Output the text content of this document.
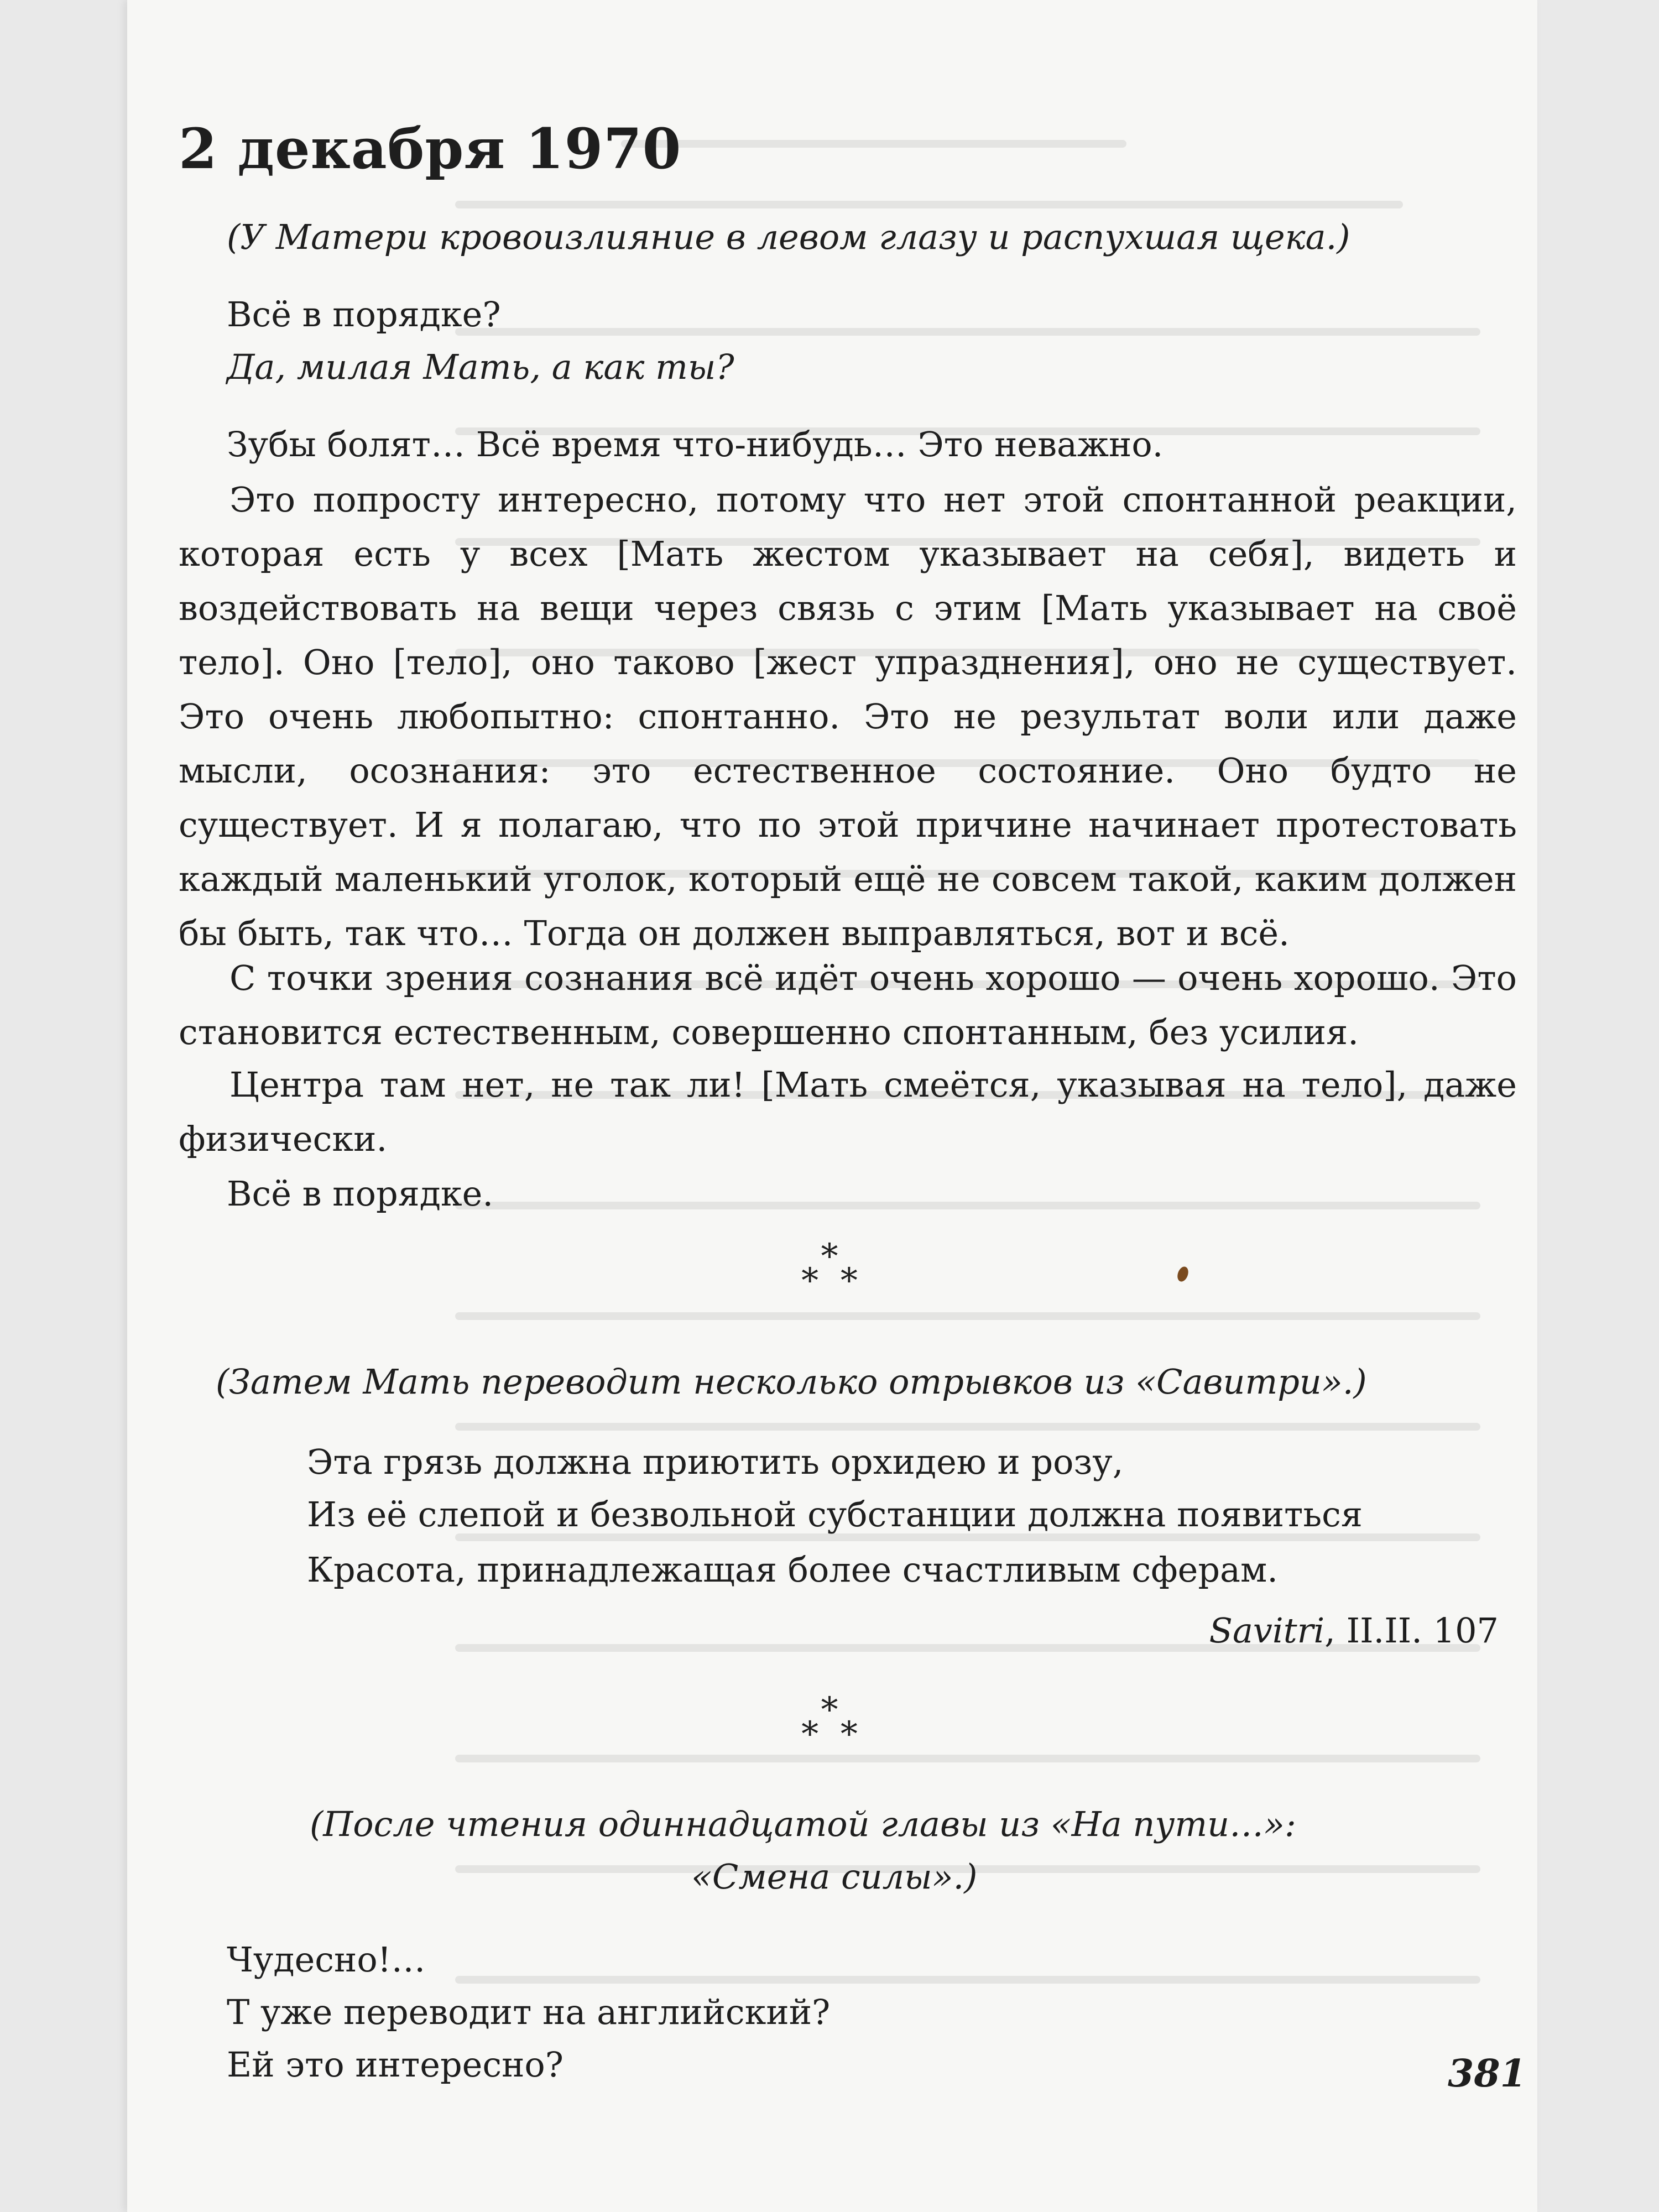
2 декабря 1970
(У Матери кровоизлияние в левом глазу и распухшая щека.)
Всё в порядке?
Да, милая Мать, а как ты?
Зубы болят… Всё время что-нибудь… Это неважно.

Это попросту интересно, потому что нет этой спонтанной реакции, которая есть у всех [Мать жестом указывает на себя], видеть и воздействовать на вещи через связь с этим [Мать указывает на своё тело]. Оно [тело], оно таково [жест упразднения], оно не существует. Это очень любопытно: спонтанно. Это не результат воли или даже мысли, осознания: это естественное состояние. Оно будто не существует. И я полагаю, что по этой причине начинает протестовать каждый маленький уголок, который ещё не совсем такой, каким должен бы быть, так что… Тогда он должен выправляться, вот и всё.

С точки зрения сознания всё идёт очень хорошо — очень хорошо. Это становится естественным, совершенно спонтанным, без усилия.

Центра там нет, не так ли! [Мать смеётся, указывая на тело], даже физически.

Всё в порядке.
*
* *
(Затем Мать переводит несколько отрывков из «Савитри».)
Эта грязь должна приютить орхидею и розу,
Из её слепой и безвольной субстанции должна появиться
Красота, принадлежащая более счастливым сферам.
Savitri, II.II. 107
*
* *
(После чтения одиннадцатой главы из «На пути…»:
«Смена силы».)
Чудесно!…
Т уже переводит на английский?
Ей это интересно?	381
